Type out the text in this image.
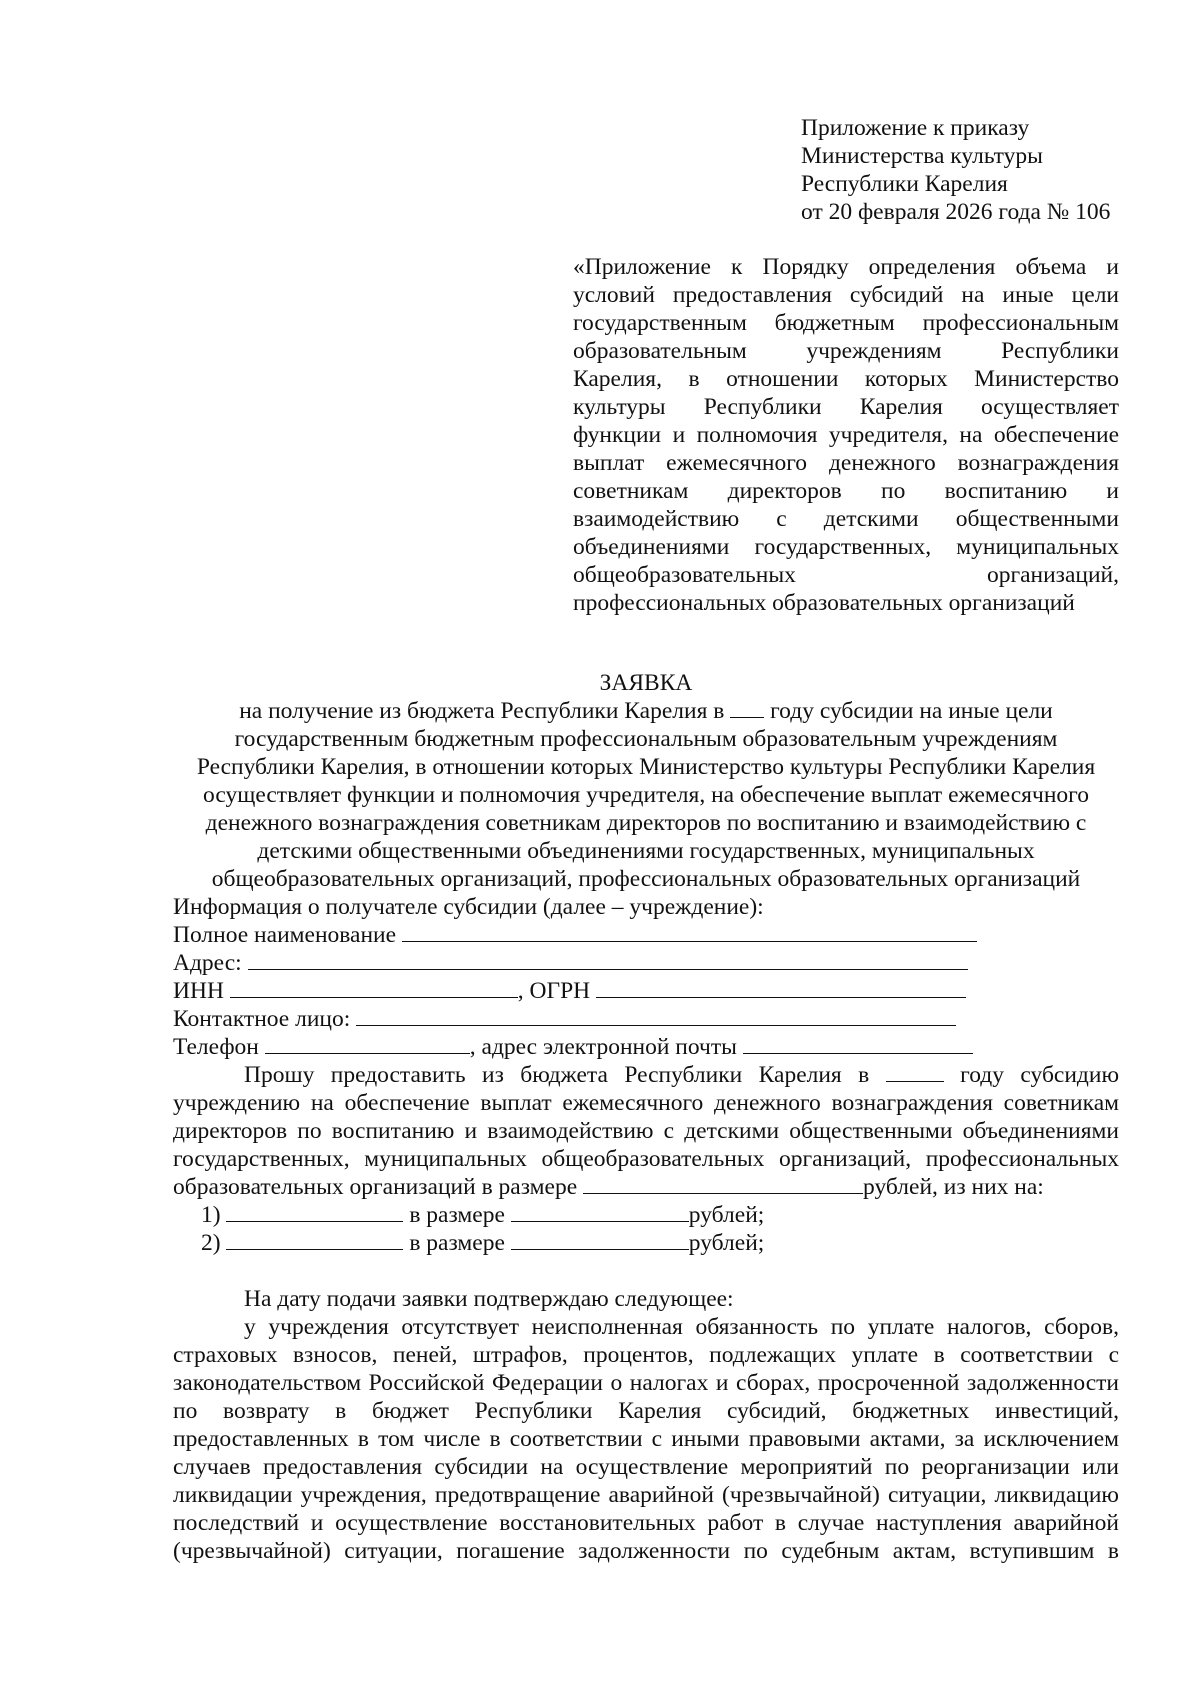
Приложение к приказу
Министерства культуры
Республики Карелия
от 20 февраля 2026 года № 106
«Приложение к Порядку определения объема и
условий предоставления субсидий на иные цели
государственным бюджетным профессиональным
образовательным учреждениям Республики
Карелия, в отношении которых Министерство
культуры Республики Карелия осуществляет
функции и полномочия учредителя, на обеспечение
выплат ежемесячного денежного вознаграждения
советникам директоров по воспитанию и
взаимодействию с детскими общественными
объединениями государственных, муниципальных
общеобразовательных организаций,
профессиональных образовательных организаций
ЗАЯВКА
на получение из бюджета Республики Карелия в году субсидии на иные цели
государственным бюджетным профессиональным образовательным учреждениям
Республики Карелия, в отношении которых Министерство культуры Республики Карелия
осуществляет функции и полномочия учредителя, на обеспечение выплат ежемесячного
денежного вознаграждения советникам директоров по воспитанию и взаимодействию с
детскими общественными объединениями государственных, муниципальных
общеобразовательных организаций, профессиональных образовательных организаций
Информация о получателе субсидии (далее – учреждение):
Полное наименование

Адрес:

ИНН
	, ОГРН

Контактное лицо:

Телефон
	, адрес электронной почты

Прошу предоставить из бюджета Республики Карелия в	году субсидию
учреждению на обеспечение выплат ежемесячного денежного вознаграждения советникам
директоров по воспитанию и взаимодействию с детскими общественными объединениями
государственных, муниципальных общеобразовательных организаций, профессиональных
образовательных организаций в размере	рублей, из них на:
1)	в размере	рублей;
2)	в размере	рублей;
На дату подачи заявки подтверждаю следующее:
у учреждения отсутствует неисполненная обязанность по уплате налогов, сборов,
страховых взносов, пеней, штрафов, процентов, подлежащих уплате в соответствии с
законодательством Российской Федерации о налогах и сборах, просроченной задолженности
по возврату в бюджет Республики Карелия субсидий, бюджетных инвестиций,
предоставленных в том числе в соответствии с иными правовыми актами, за исключением
случаев предоставления субсидии на осуществление мероприятий по реорганизации или
ликвидации учреждения, предотвращение аварийной (чрезвычайной) ситуации, ликвидацию
последствий и осуществление восстановительных работ в случае наступления аварийной
(чрезвычайной) ситуации, погашение задолженности по судебным актам, вступившим в
